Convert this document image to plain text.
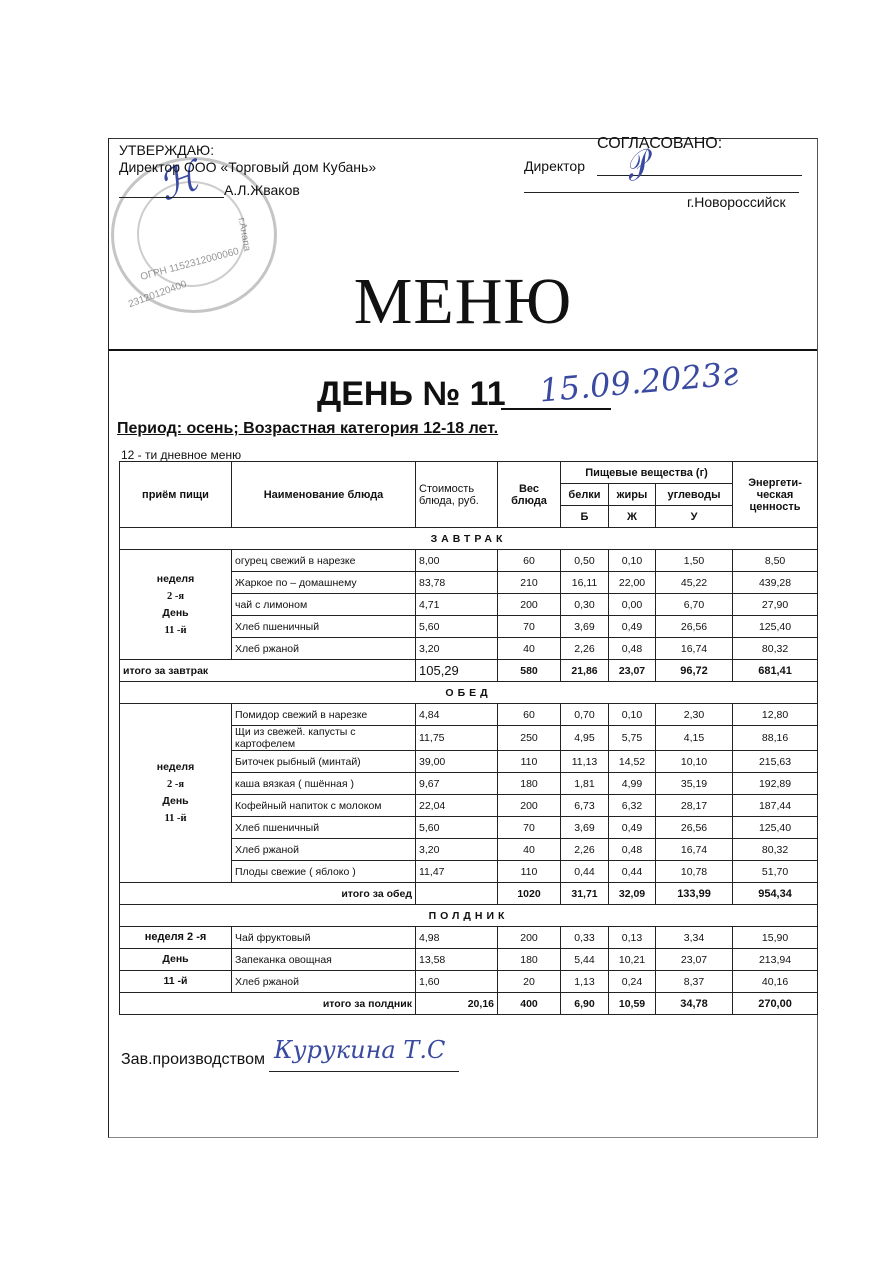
23120120400
ОГРН 1152312000060
г.Анапа
ℋ
УТВЕРЖДАЮ:
Директор ООО «Торговый дом Кубань»
А.Л.Жваков
СОГЛАСОВАНО:
Директор 𝒫
г.Новороссийск
МЕНЮ
ДЕНЬ № 11 15.09.2023г
Период: осень; Возрастная категория 12-18 лет.
12 - ти дневное меню
приём пищи	Наименование блюда	Стоимость блюда, руб.	Вес блюда	Пищевые вещества (г)			Энергети-ческая ценность
				белки	жиры	углеводы	
				Б	Ж	У	
ЗАВТРАК							

неделя
2 -я
День
11 -й	огурец свежий в нарезке	8,00	60	0,50	0,10	1,50	8,50
	Жаркое по – домашнему	83,78	210	16,11	22,00	45,22	439,28
	чай с лимоном	4,71	200	0,30	0,00	6,70	27,90
	Хлеб пшеничный	5,60	70	3,69	0,49	26,56	125,40
	Хлеб ржаной	3,20	40	2,26	0,48	16,74	80,32
итого за завтрак		105,29	580	21,86	23,07	96,72	681,41
ОБЕД							

неделя
2 -я
День
11 -й	Помидор свежий в нарезке	4,84	60	0,70	0,10	2,30	12,80
	Щи из свежей. капусты с картофелем	11,75	250	4,95	5,75	4,15	88,16
	Биточек рыбный (минтай)	39,00	110	11,13	14,52	10,10	215,63
	каша вязкая ( пшённая )	9,67	180	1,81	4,99	35,19	192,89
	Кофейный напиток с молоком	22,04	200	6,73	6,32	28,17	187,44
	Хлеб пшеничный	5,60	70	3,69	0,49	26,56	125,40
	Хлеб ржаной	3,20	40	2,26	0,48	16,74	80,32
	Плоды свежие ( яблоко )	11,47	110	0,44	0,44	10,78	51,70
итого за обед			1020	31,71	32,09	133,99	954,34
ПОЛДНИК							
неделя 2 -я	Чай фруктовый	4,98	200	0,33	0,13	3,34	15,90
День	Запеканка овощная	13,58	180	5,44	10,21	23,07	213,94
11 -й	Хлеб ржаной	1,60	20	1,13	0,24	8,37	40,16
итого за полдник		20,16	400	6,90	10,59	34,78	270,00
Зав.производством Курукина Т.С
